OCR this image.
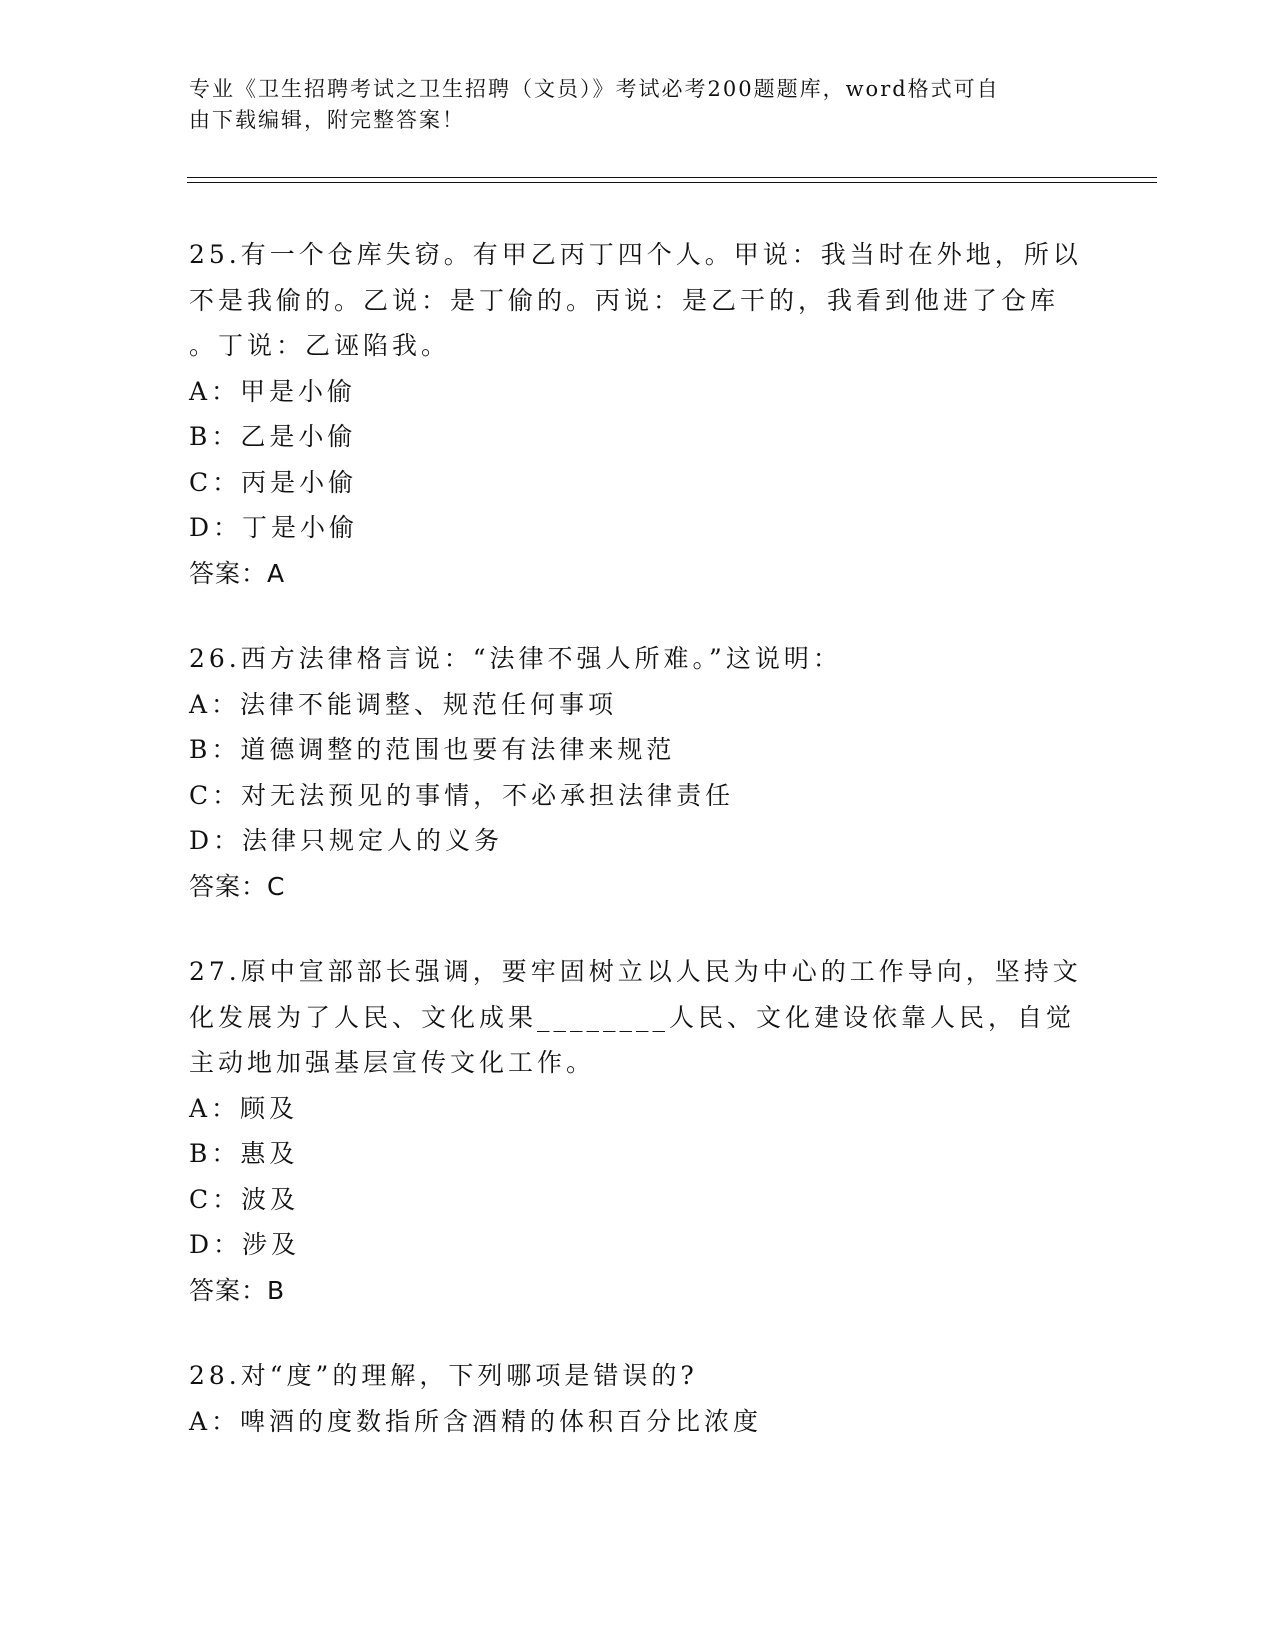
专业《卫生招聘考试之卫生招聘（文员）》考试必考200题题库，word格式可自
由下载编辑，附完整答案！

25.有一个仓库失窃。有甲乙丙丁四个人。甲说：我当时在外地，所以

不是我偷的。乙说：是丁偷的。丙说：是乙干的，我看到他进了仓库

。丁说：乙诬陷我。

A：甲是小偷

B：乙是小偷

C：丙是小偷

D：丁是小偷

答案：A

26.西方法律格言说：“法律不强人所难。”这说明：

A：法律不能调整、规范任何事项

B：道德调整的范围也要有法律来规范

C：对无法预见的事情，不必承担法律责任

D：法律只规定人的义务

答案：C

27.原中宣部部长强调，要牢固树立以人民为中心的工作导向，坚持文

化发展为了人民、文化成果________人民、文化建设依靠人民，自觉

主动地加强基层宣传文化工作。

A：顾及

B：惠及

C：波及

D：涉及

答案：B

28.对“度”的理解，下列哪项是错误的?

A：啤酒的度数指所含酒精的体积百分比浓度
